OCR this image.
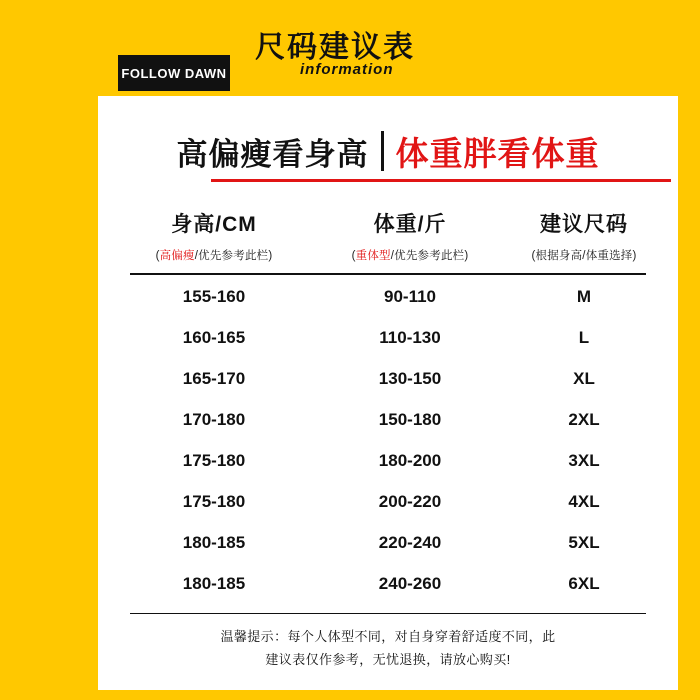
FOLLOW DAWN
尺码建议表
information
高偏瘦看身高 体重胖看体重
身高/CM
(高偏瘦/优先参考此栏)
体重/斤
(重体型/优先参考此栏)
建议尺码
(根据身高/体重选择)
155-160	90-110	M
160-165	110-130	L
165-170	130-150	XL
170-180	150-180	2XL
175-180	180-200	3XL
175-180	200-220	4XL
180-185	220-240	5XL
180-185	240-260	6XL
温馨提示：每个人体型不同，对自身穿着舒适度不同，此
建议表仅作参考，无忧退换，请放心购买!
